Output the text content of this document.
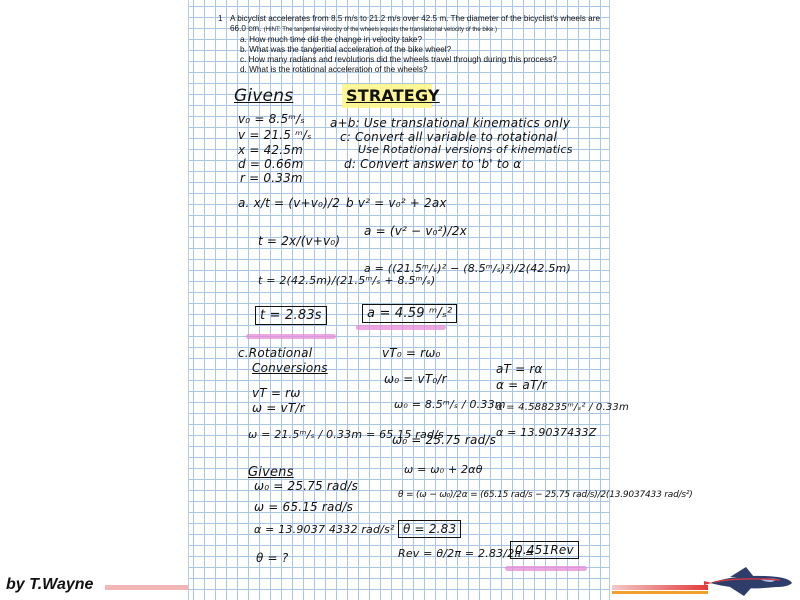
1 A bicyclist accelerates from 8.5 m/s to 21.2 m/s over 42.5 m. The diameter of the bicyclist's wheels are 66.0 cm. (HINT: The tangential velocity of the wheels equals the translational velocity of the bike.)
a. How much time did the change in velocity take?
b. What was the tangential acceleration of the bike wheel?
c. How many radians and revolutions did the wheels travel through during this process?
d. What is the rotational acceleration of the wheels?
Givens
v₀ = 8.5ᵐ/ₛ
v = 21.5 ᵐ/ₛ
x = 42.5m
d = 0.66m
r = 0.33m
STRATEGY
a+b: Use translational kinematics only
c: Convert all variable to rotational
Use Rotational versions of kinematics
d: Convert answer to 'b' to α
a. x/t = (v+v₀)/2
t = 2x/(v+v₀)
t = 2(42.5m)/(21.5ᵐ/ₛ + 8.5ᵐ/ₛ)
t = 2.83s
b v² = v₀² + 2ax
a = (v² − v₀²)/2x
a = ((21.5ᵐ/ₛ)² − (8.5ᵐ/ₛ)²)/2(42.5m)
a = 4.59 ᵐ/ₛ²
c.Rotational
Conversions
vT = rω
ω = vT/r
ω = 21.5ᵐ/ₛ / 0.33m = 65.15 rad/s
vT₀ = rω₀
ω₀ = vT₀/r
ω₀ = 8.5ᵐ/ₛ / 0.33m
ω₀ = 25.75 rad/s
aT = rα
α = aT/r
α = 4.588235ᵐ/ₛ² / 0.33m
α = 13.9037433Z
Givens
ω₀ = 25.75 rad/s
ω = 65.15 rad/s
α = 13.9037 4332 rad/s²
θ = ?
ω = ω₀ + 2αθ
θ = (ω − ω₀)/2α = (65.15 rad/s − 25.75 rad/s)/2(13.9037433 rad/s²)
θ = 2.83
Rev = θ/2π = 2.83/2π =
0.451Rev
by T.Wayne
